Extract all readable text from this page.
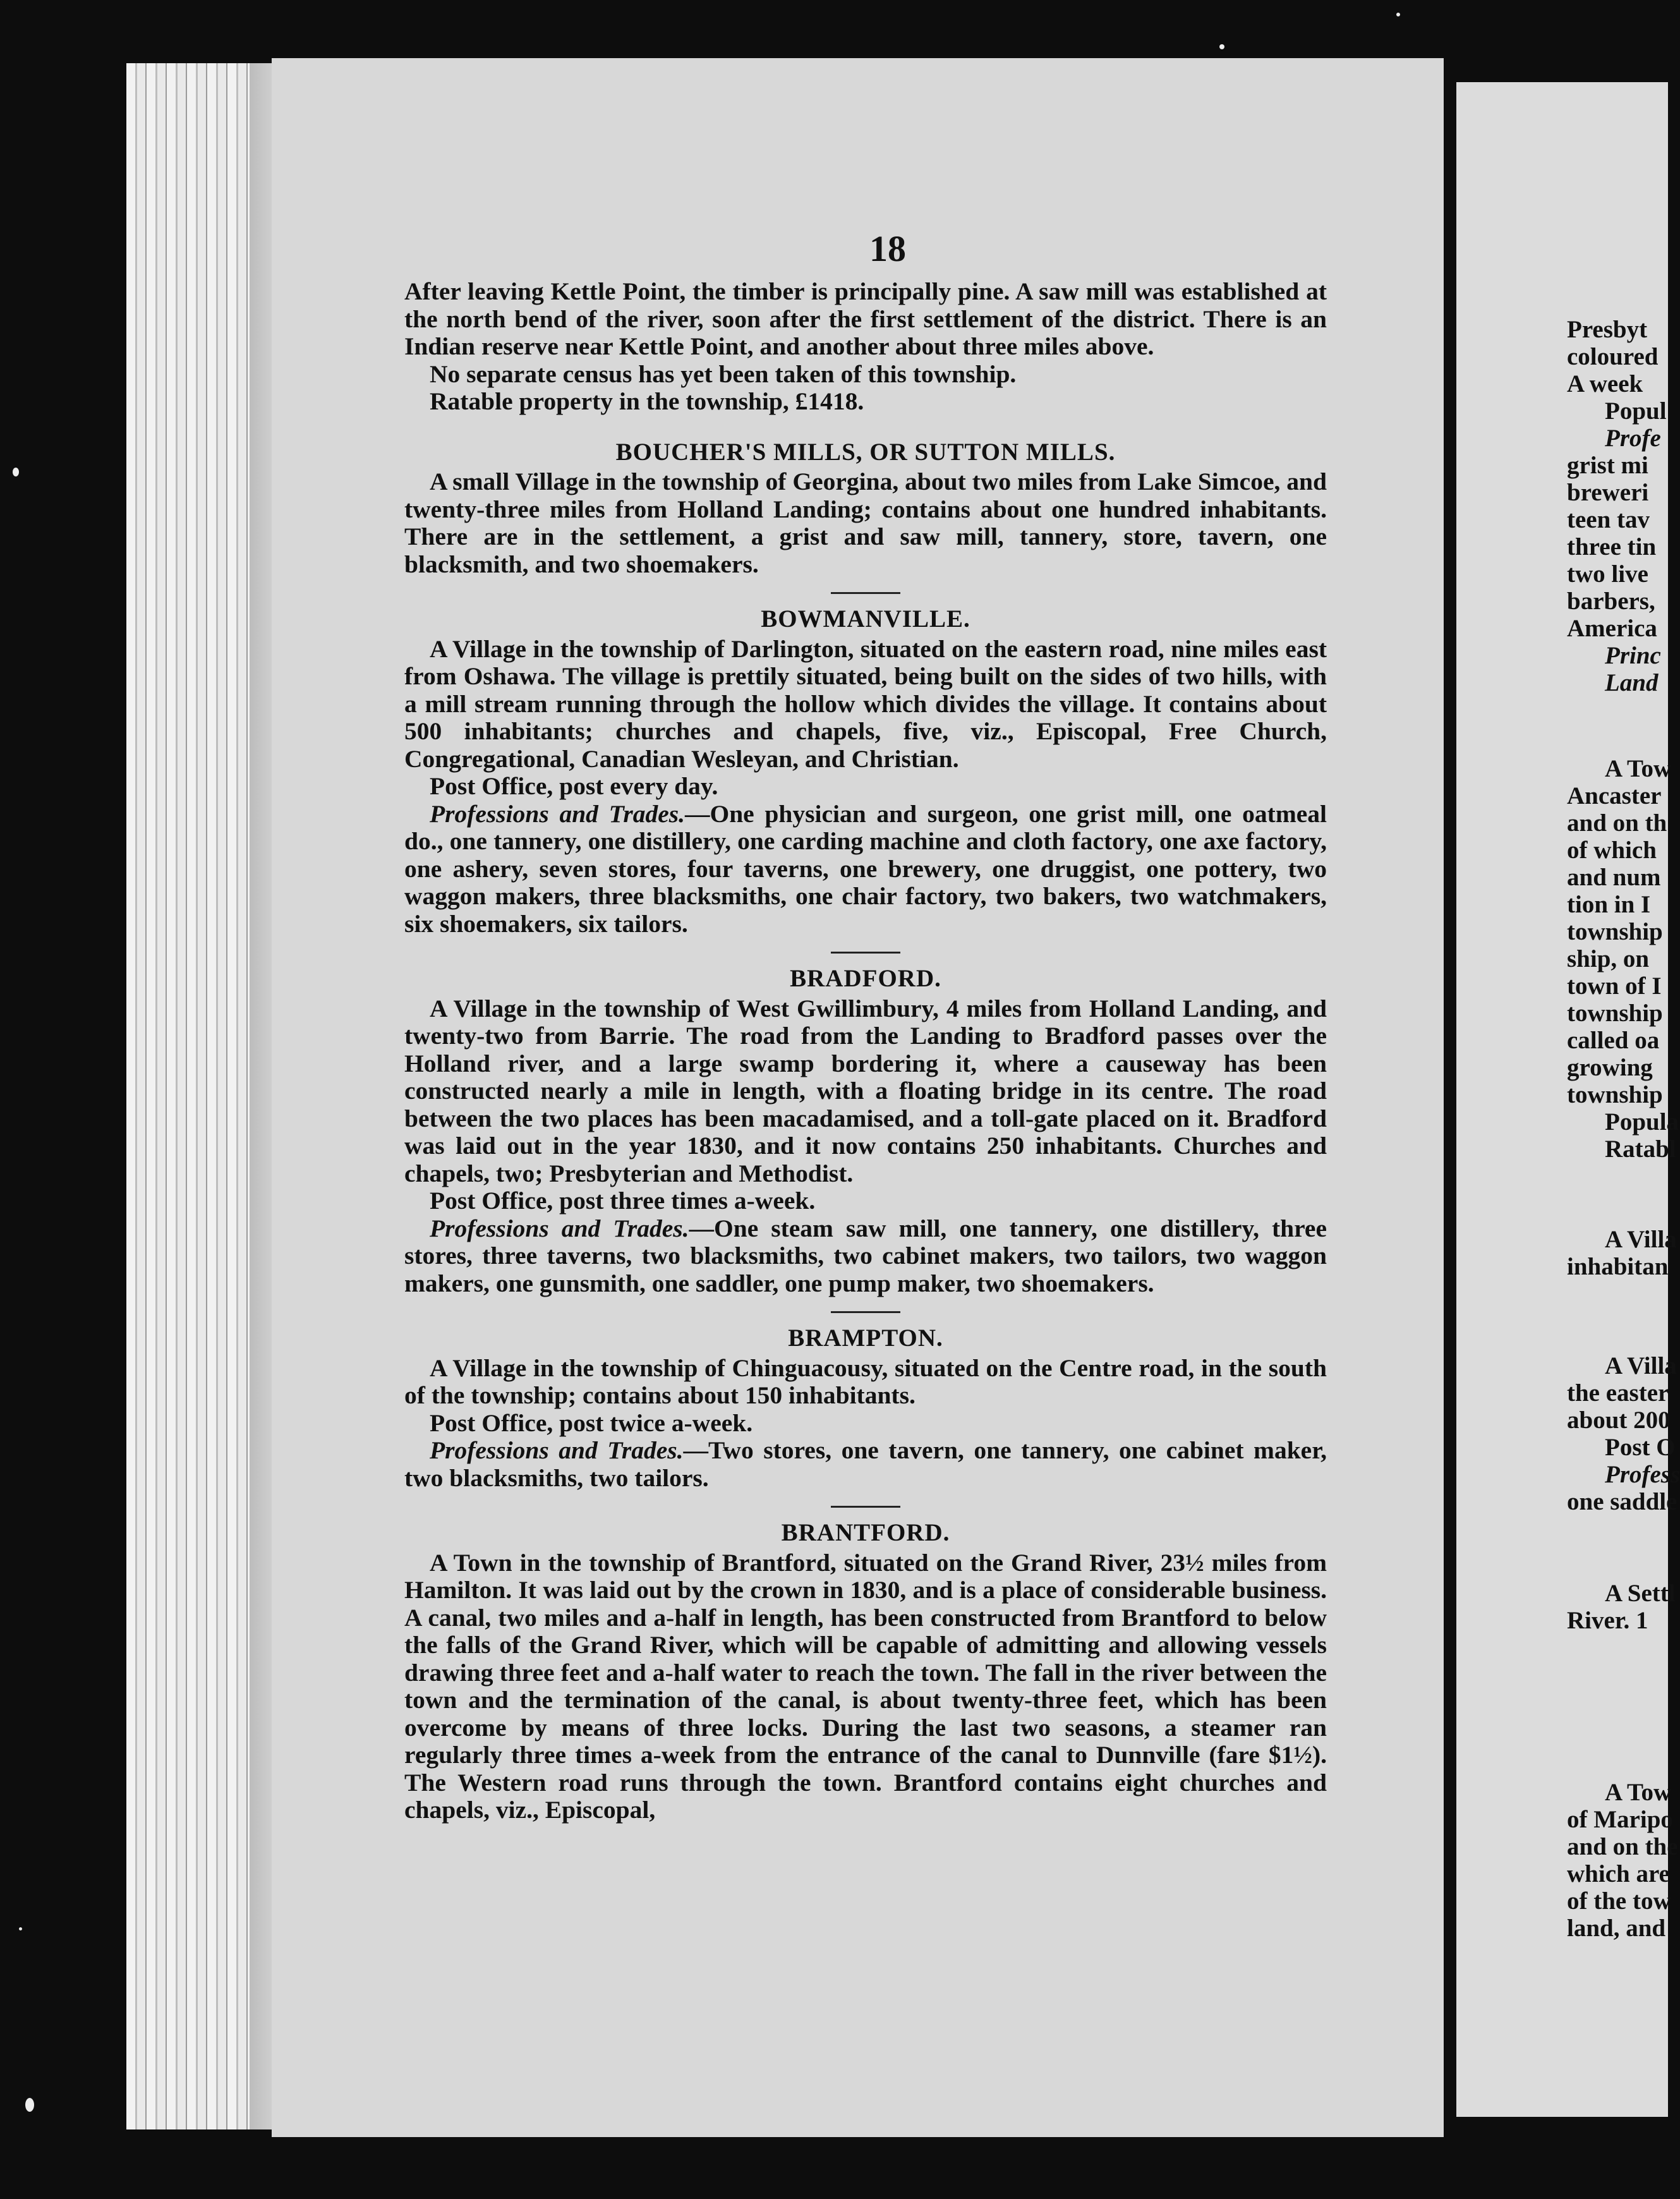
18

After leaving Kettle Point, the timber is principally pine. A saw mill was established at the north bend of the river, soon after the first settlement of the district. There is an Indian reserve near Kettle Point, and another about three miles above.

No separate census has yet been taken of this township.

Ratable property in the township, £1418.

BOUCHER'S MILLS, OR SUTTON MILLS.

A small Village in the township of Georgina, about two miles from Lake Simcoe, and twenty-three miles from Holland Landing; contains about one hundred inhabitants. There are in the settlement, a grist and saw mill, tannery, store, tavern, one blacksmith, and two shoemakers.

BOWMANVILLE.

A Village in the township of Darlington, situated on the eastern road, nine miles east from Oshawa. The village is prettily situated, being built on the sides of two hills, with a mill stream running through the hollow which divides the village. It contains about 500 inhabitants; churches and chapels, five, viz., Episcopal, Free Church, Congregational, Canadian Wesleyan, and Christian.

Post Office, post every day.

Professions and Trades.—One physician and surgeon, one grist mill, one oatmeal do., one tannery, one distillery, one carding machine and cloth factory, one axe factory, one ashery, seven stores, four taverns, one brewery, one druggist, one pottery, two waggon makers, three blacksmiths, one chair factory, two bakers, two watchmakers, six shoemakers, six tailors.

BRADFORD.

A Village in the township of West Gwillimbury, 4 miles from Holland Landing, and twenty-two from Barrie. The road from the Landing to Bradford passes over the Holland river, and a large swamp bordering it, where a causeway has been constructed nearly a mile in length, with a floating bridge in its centre. The road between the two places has been macadamised, and a toll-gate placed on it. Bradford was laid out in the year 1830, and it now contains 250 inhabitants. Churches and chapels, two; Presbyterian and Methodist.

Post Office, post three times a-week.

Professions and Trades.—One steam saw mill, one tannery, one distillery, three stores, three taverns, two blacksmiths, two cabinet makers, two tailors, two waggon makers, one gunsmith, one saddler, one pump maker, two shoemakers.

BRAMPTON.

A Village in the township of Chinguacousy, situated on the Centre road, in the south of the township; contains about 150 inhabitants.

Post Office, post twice a-week.

Professions and Trades.—Two stores, one tavern, one tannery, one cabinet maker, two blacksmiths, two tailors.

BRANTFORD.

A Town in the township of Brantford, situated on the Grand River, 23½ miles from Hamilton. It was laid out by the crown in 1830, and is a place of considerable business. A canal, two miles and a-half in length, has been constructed from Brantford to below the falls of the Grand River, which will be capable of admitting and allowing vessels drawing three feet and a-half water to reach the town. The fall in the river between the town and the termination of the canal, is about twenty-three feet, which has been overcome by means of three locks. During the last two seasons, a steamer ran regularly three times a-week from the entrance of the canal to Dunnville (fare $1½). The Western road runs through the town. Brantford contains eight churches and chapels, viz., Episcopal,

Presbyt
coloured
A week
Popul
Profe
grist mi
breweri
teen tav
three tin
two live
barbers,
America
Princ
Land
A Tow
Ancaster
and on th
of which
and num
tion in I
township
ship, on
town of I
township
called oa
growing
township
Popula
Ratabl
A Villa
inhabitan
A Villa
the easter
about 200
Post O
Profess
one saddle
A Settl
River. 1
A Tow
of Maripo
and on the
which are
of the tow
land, and
